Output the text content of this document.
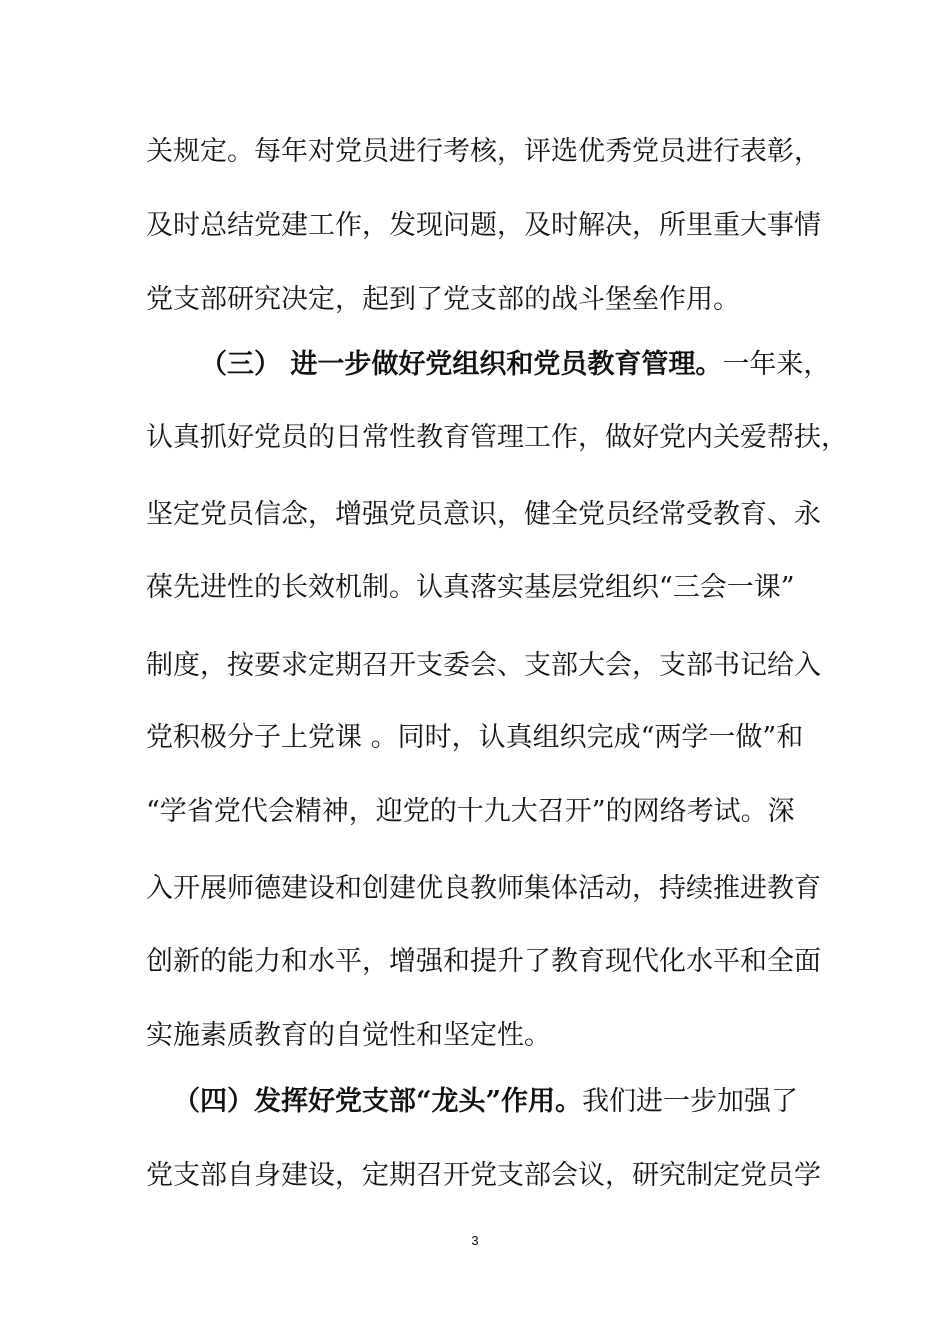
关规定。每年对党员进行考核，评选优秀党员进行表彰，
及时总结党建工作，发现问题，及时解决，所里重大事情
党支部研究决定，起到了党支部的战斗堡垒作用。
（三） 进一步做好党组织和党员教育管理。一年来，
认真抓好党员的日常性教育管理工作，做好党内关爱帮扶，
坚定党员信念，增强党员意识，健全党员经常受教育、永
葆先进性的长效机制。认真落实基层党组织“三会一课”
制度，按要求定期召开支委会、支部大会，支部书记给入
党积极分子上党课 。同时，认真组织完成“两学一做”和
“学省党代会精神，迎党的十九大召开”的网络考试。深
入开展师德建设和创建优良教师集体活动，持续推进教育
创新的能力和水平，增强和提升了教育现代化水平和全面
实施素质教育的自觉性和坚定性。
（四）发挥好党支部“龙头”作用。我们进一步加强了
党支部自身建设，定期召开党支部会议，研究制定党员学
3
